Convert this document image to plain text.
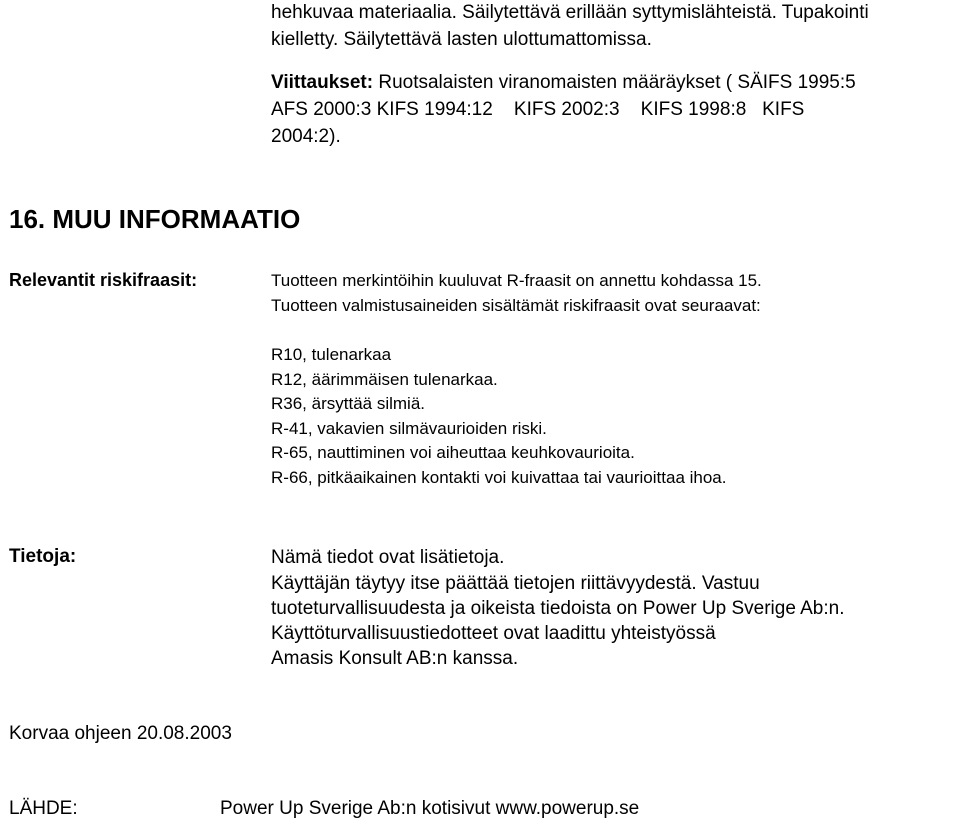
hehkuvaa materiaalia. Säilytettävä erillään syttymislähteistä. Tupakointi

kielletty. Säilytettävä lasten ulottumattomissa.

Viittaukset: Ruotsalaisten viranomaisten määräykset ( SÄIFS 1995:5

AFS 2000:3 KIFS 1994:12    KIFS 2002:3    KIFS 1998:8   KIFS

2004:2).

16. MUU INFORMAATIO

Relevantit riskifraasit:	Tuotteen merkintöihin kuuluvat R-fraasit on annettu kohdassa 15.

Tuotteen valmistusaineiden sisältämät riskifraasit ovat seuraavat:

R10, tulenarkaa
R12, äärimmäisen tulenarkaa.
R36, ärsyttää silmiä.
R-41, vakavien silmävaurioiden riski.
R-65, nauttiminen voi aiheuttaa keuhkovaurioita.
R-66, pitkäaikainen kontakti voi kuivattaa tai vaurioittaa ihoa.

Tietoja:	Nämä tiedot ovat lisätietoja.

Käyttäjän täytyy itse päättää tietojen riittävyydestä. Vastuu

tuoteturvallisuudesta ja oikeista tiedoista on Power Up Sverige Ab:n.

Käyttöturvallisuustiedotteet ovat laadittu yhteistyössä

Amasis Konsult AB:n kanssa.

Korvaa ohjeen 20.08.2003

LÄHDE:	Power Up Sverige Ab:n kotisivut www.powerup.se
